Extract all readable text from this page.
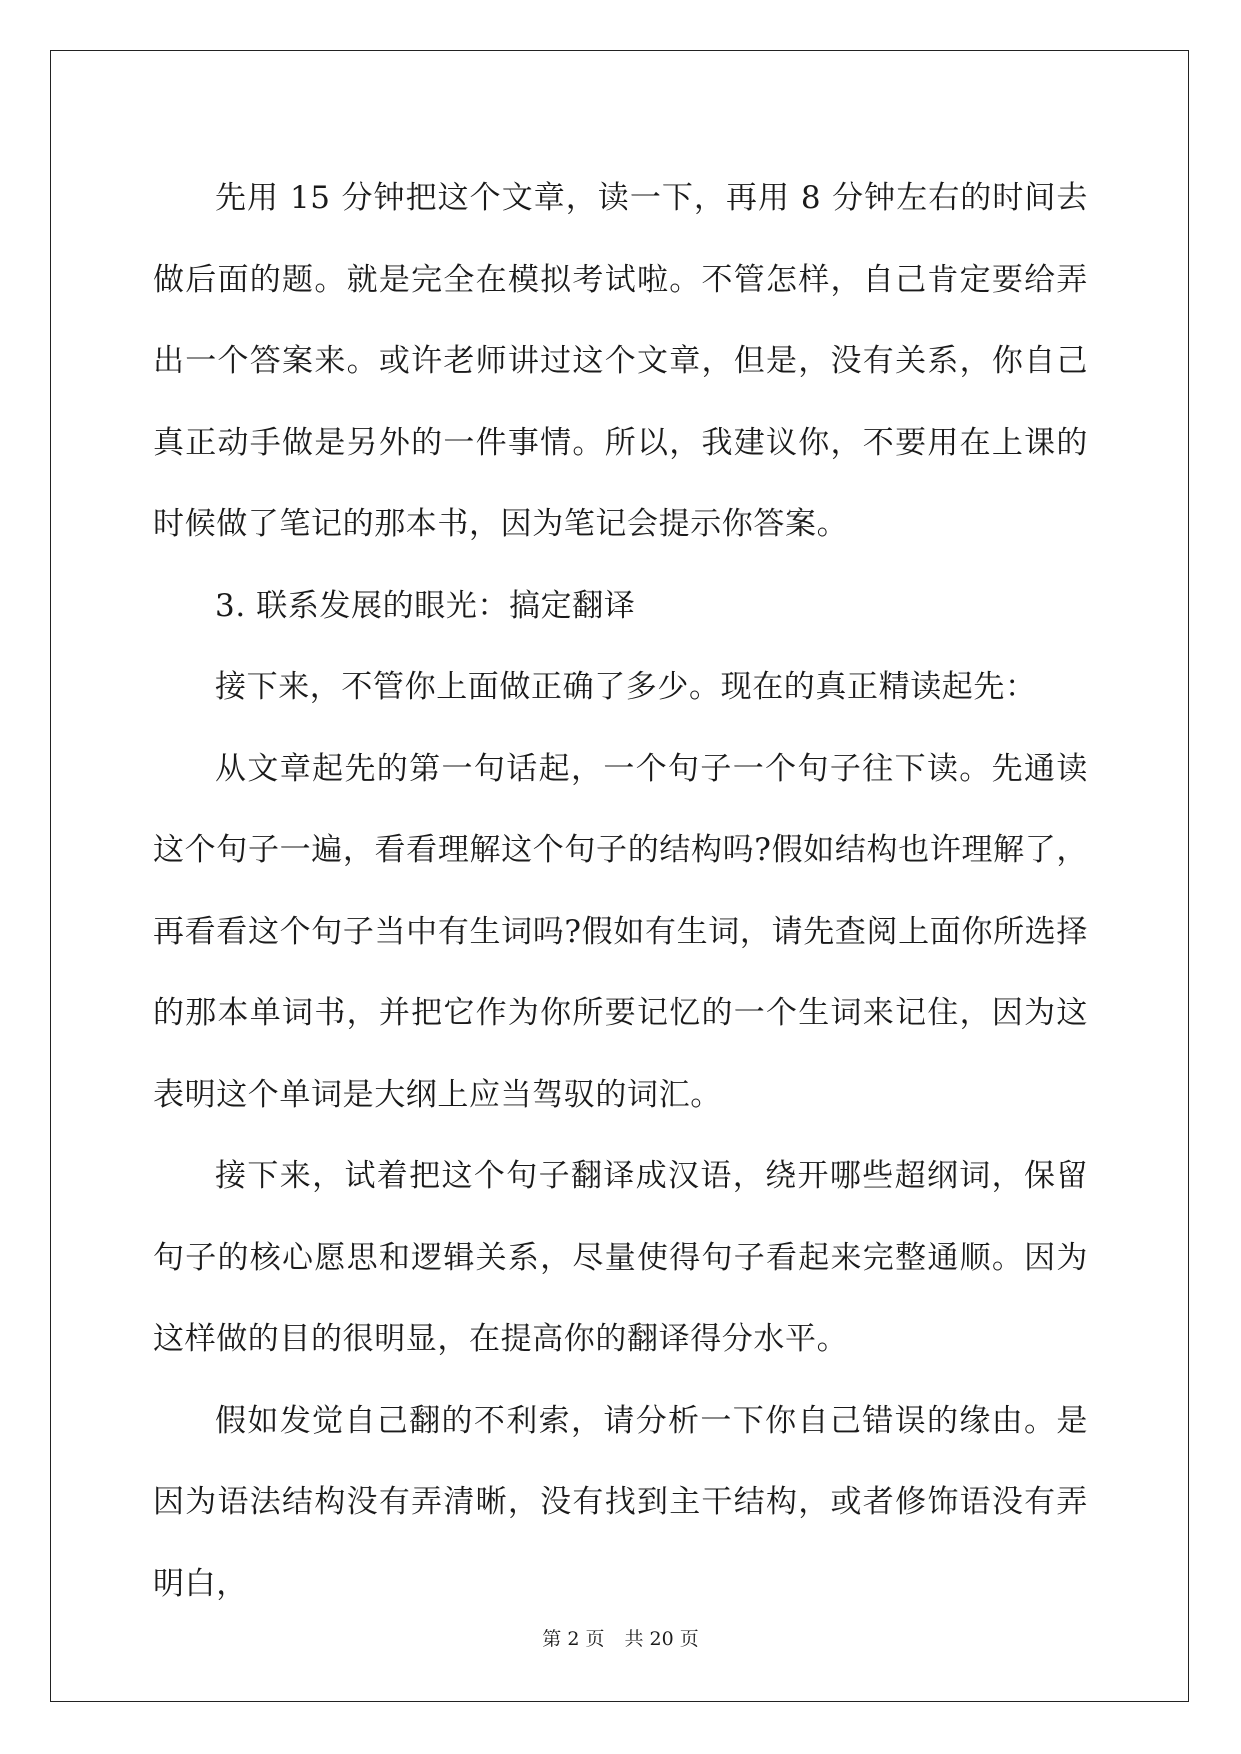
先用 15 分钟把这个文章，读一下，再用 8 分钟左右的时间去做后面的题。就是完全在模拟考试啦。不管怎样，自己肯定要给弄出一个答案来。或许老师讲过这个文章，但是，没有关系，你自己真正动手做是另外的一件事情。所以，我建议你，不要用在上课的时候做了笔记的那本书，因为笔记会提示你答案。

3. 联系发展的眼光：搞定翻译

接下来，不管你上面做正确了多少。现在的真正精读起先：

从文章起先的第一句话起，一个句子一个句子往下读。先通读这个句子一遍，看看理解这个句子的结构吗?假如结构也许理解了，再看看这个句子当中有生词吗?假如有生词，请先查阅上面你所选择的那本单词书，并把它作为你所要记忆的一个生词来记住，因为这表明这个单词是大纲上应当驾驭的词汇。

接下来，试着把这个句子翻译成汉语，绕开哪些超纲词，保留句子的核心愿思和逻辑关系，尽量使得句子看起来完整通顺。因为这样做的目的很明显，在提高你的翻译得分水平。

假如发觉自己翻的不利索，请分析一下你自己错误的缘由。是因为语法结构没有弄清晰，没有找到主干结构，或者修饰语没有弄明白，

第 2 页 共 20 页
